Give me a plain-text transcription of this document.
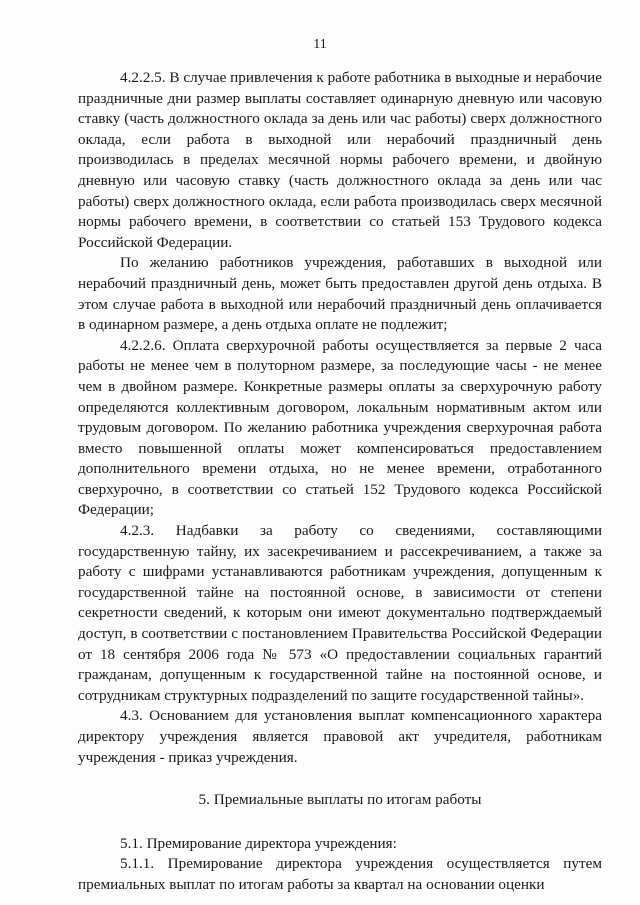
11

4.2.2.5. В случае привлечения к работе работника в выходные и нерабочие праздничные дни размер выплаты составляет одинарную дневную или часовую ставку (часть должностного оклада за день или час работы) сверх должностного оклада, если работа в выходной или нерабочий праздничный день производилась в пределах месячной нормы рабочего времени, и двойную дневную или часовую ставку (часть должностного оклада за день или час работы) сверх должностного оклада, если работа производилась сверх месячной нормы рабочего времени, в соответствии со статьей 153 Трудового кодекса Российской Федерации.

По желанию работников учреждения, работавших в выходной или нерабочий праздничный день, может быть предоставлен другой день отдыха. В этом случае работа в выходной или нерабочий праздничный день оплачивается в одинарном размере, а день отдыха оплате не подлежит;

4.2.2.6. Оплата сверхурочной работы осуществляется за первые 2 часа работы не менее чем в полуторном размере, за последующие часы - не менее чем в двойном размере. Конкретные размеры оплаты за сверхурочную работу определяются коллективным договором, локальным нормативным актом или трудовым договором. По желанию работника учреждения сверхурочная работа вместо повышенной оплаты может компенсироваться предоставлением дополнительного времени отдыха, но не менее времени, отработанного сверхурочно, в соответствии со статьей 152 Трудового кодекса Российской Федерации;

4.2.3. Надбавки за работу со сведениями, составляющими государственную тайну, их засекречиванием и рассекречиванием, а также за работу с шифрами устанавливаются работникам учреждения, допущенным к государственной тайне на постоянной основе, в зависимости от степени секретности сведений, к которым они имеют документально подтверждаемый доступ, в соответствии с постановлением Правительства Российской Федерации от 18 сентября 2006 года № 573 «О предоставлении социальных гарантий гражданам, допущенным к государственной тайне на постоянной основе, и сотрудникам структурных подразделений по защите государственной тайны».

4.3. Основанием для установления выплат компенсационного характера директору учреждения является правовой акт учредителя, работникам учреждения - приказ учреждения.

5. Премиальные выплаты по итогам работы

5.1. Премирование директора учреждения:

5.1.1. Премирование директора учреждения осуществляется путем премиальных выплат по итогам работы за квартал на основании оценки
